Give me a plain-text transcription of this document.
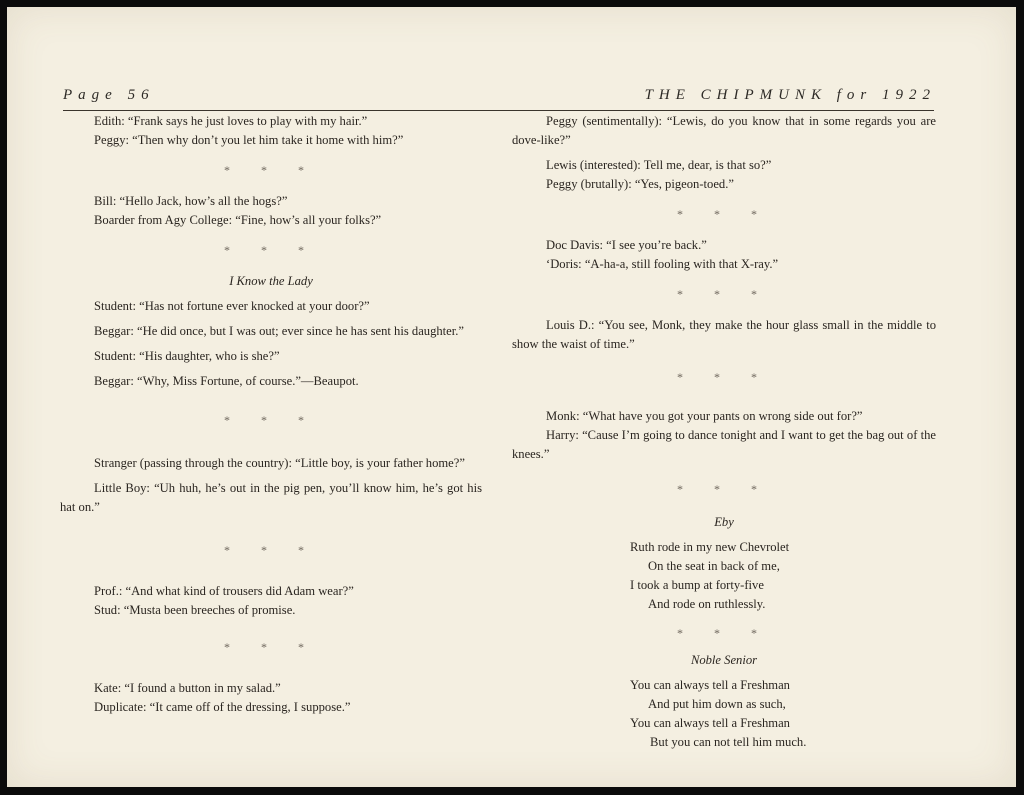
Page 56	THE CHIPMUNK for 1922

Edith: “Frank says he just loves to play with my hair.”

Peggy: “Then why don’t you let him take it home with him?”

* * *

Bill: “Hello Jack, how’s all the hogs?”

Boarder from Agy College: “Fine, how’s all your folks?”

* * *
I Know the Lady

Student: “Has not fortune ever knocked at your door?”

Beggar: “He did once, but I was out; ever since he has sent his daughter.”

Student: “His daughter, who is she?”

Beggar: “Why, Miss Fortune, of course.”—Beaupot.

* * *

Stranger (passing through the country): “Little boy, is your father home?”

Little Boy: “Uh huh, he’s out in the pig pen, you’ll know him, he’s got his hat on.”

* * *

Prof.: “And what kind of trousers did Adam wear?”

Stud: “Musta been breeches of promise.

* * *

Kate: “I found a button in my salad.”

Duplicate: “It came off of the dressing, I suppose.”

Peggy (sentimentally): “Lewis, do you know that in some regards you are dove-like?”

Lewis (interested): Tell me, dear, is that so?”

Peggy (brutally): “Yes, pigeon-toed.”

* * *

Doc Davis: “I see you’re back.”

‘Doris: “A-ha-a, still fooling with that X-ray.”

* * *

Louis D.: “You see, Monk, they make the hour glass small in the middle to show the waist of time.”

* * *

Monk: “What have you got your pants on wrong side out for?”

Harry: “Cause I’m going to dance tonight and I want to get the bag out of the knees.”

* * *
Eby
Ruth rode in my new Chevrolet
On the seat in back of me,
I took a bump at forty-five
And rode on ruthlessly.
* * *
Noble Senior
You can always tell a Freshman
And put him down as such,
You can always tell a Freshman
But you can not tell him much.
